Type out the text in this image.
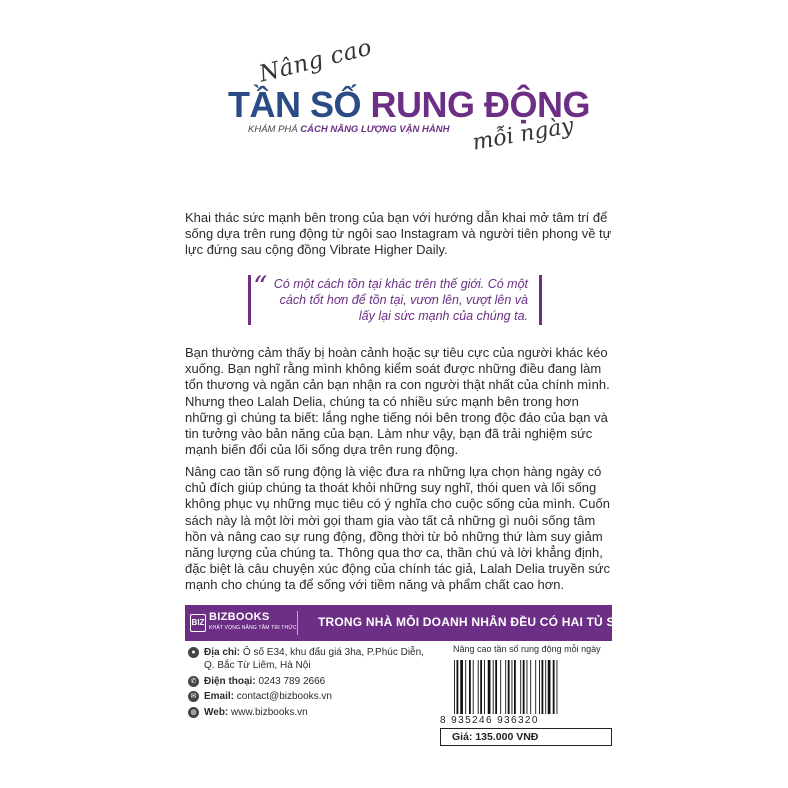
Nâng cao
TẦN SỐ RUNG ĐỘNG
KHÁM PHÁ CÁCH NĂNG LƯỢNG VẬN HÀNH mỗi ngày

Khai thác sức mạnh bên trong của bạn với hướng dẫn khai mở tâm trí để sống dựa trên rung động từ ngôi sao Instagram và người tiên phong về tự lực đứng sau cộng đồng Vibrate Higher Daily.

“ Có một cách tồn tại khác trên thế giới. Có một cách tốt hơn để tồn tại, vươn lên, vượt lên và lấy lại sức mạnh của chúng ta.

Bạn thường cảm thấy bị hoàn cảnh hoặc sự tiêu cực của người khác kéo xuống. Bạn nghĩ rằng mình không kiểm soát được những điều đang làm tổn thương và ngăn cản bạn nhận ra con người thật nhất của chính mình. Nhưng theo Lalah Delia, chúng ta có nhiều sức mạnh bên trong hơn những gì chúng ta biết: lắng nghe tiếng nói bên trong độc đáo của bạn và tin tưởng vào bản năng của bạn. Làm như vậy, bạn đã trải nghiệm sức mạnh biến đổi của lối sống dựa trên rung động.

Nâng cao tần số rung động là việc đưa ra những lựa chọn hàng ngày có chủ đích giúp chúng ta thoát khỏi những suy nghĩ, thói quen và lối sống không phục vụ những mục tiêu có ý nghĩa cho cuộc sống của mình. Cuốn sách này là một lời mời gọi tham gia vào tất cả những gì nuôi sống tâm hồn và nâng cao sự rung động, đồng thời từ bỏ những thứ làm suy giảm năng lượng của chúng ta. Thông qua thơ ca, thần chú và lời khẳng định, đặc biệt là câu chuyện xúc động của chính tác giả, Lalah Delia truyền sức mạnh cho chúng ta để sống với tiềm năng và phẩm chất cao hơn.

BIZ BIZBOOKS
KHÁT VỌNG NÂNG TẦM TRI THỨC TRONG NHÀ MỖI DOANH NHÂN ĐỀU CÓ HAI TỦ SÁCH
● Địa chỉ: Ô số E34, khu đấu giá 3ha, P.Phúc Diễn, Q. Bắc Từ Liêm, Hà Nội
✆ Điện thoại: 0243 789 2666
✉ Email: contact@bizbooks.vn
◍ Web: www.bizbooks.vn
Nâng cao tần số rung động mỗi ngày
8 935246 936320
Giá: 135.000 VNĐ
